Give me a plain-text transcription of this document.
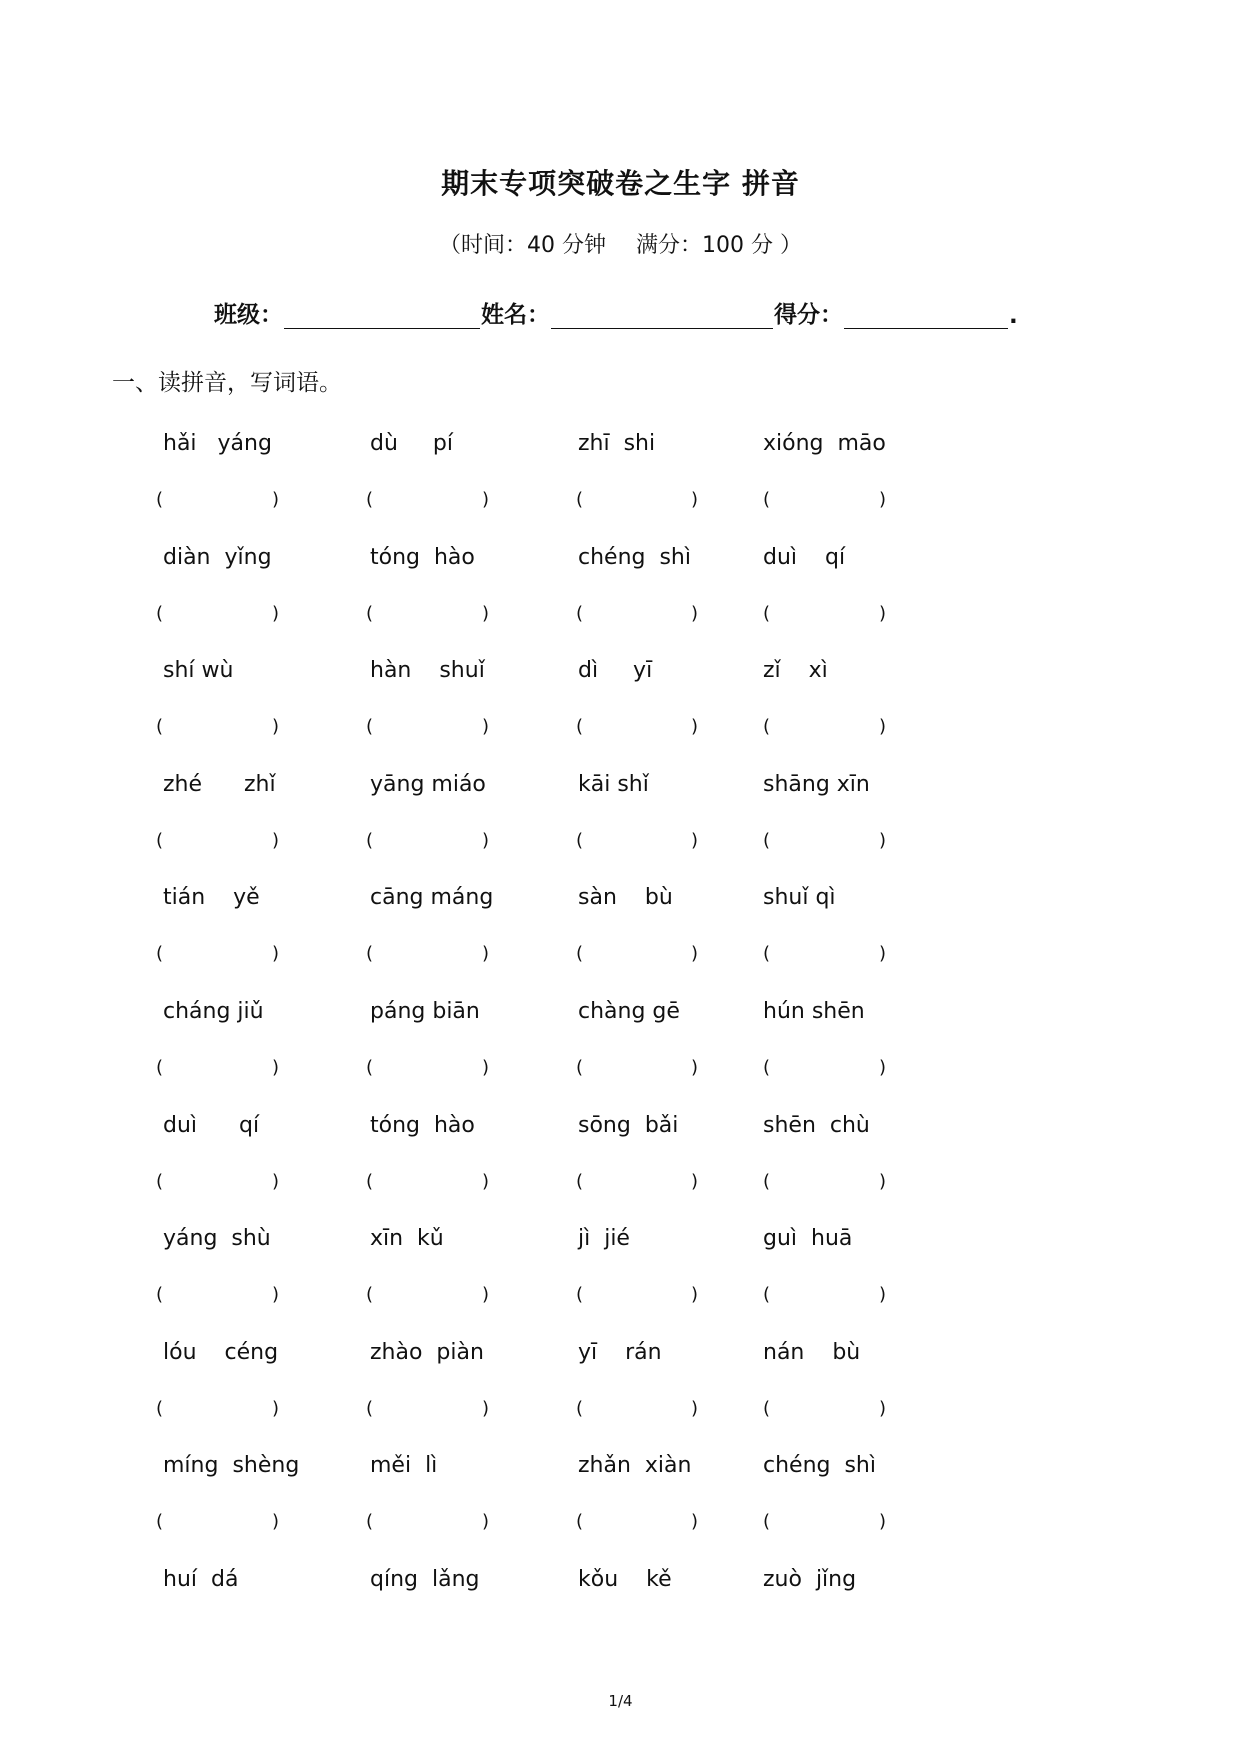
期末专项突破卷之生字 拼音
（时间：40 分钟 满分：100 分 ）
班级：	姓名：	得分：	.
一、读拼音，写词语。
hǎi   yáng	dù     pí	zhī  shi	xióng  māo
(	)	(	)	(	)	(	)
diàn  yǐng	tóng  hào	chéng  shì	duì    qí
(	)	(	)	(	)	(	)
shí wù	hàn    shuǐ	dì     yī	zǐ    xì
(	)	(	)	(	)	(	)
zhé      zhǐ	yāng miáo	kāi shǐ	shāng xīn
(	)	(	)	(	)	(	)
tián    yě	cāng máng	sàn    bù	shuǐ qì
(	)	(	)	(	)	(	)
cháng jiǔ	páng biān	chàng gē	hún shēn
(	)	(	)	(	)	(	)
duì      qí	tóng  hào	sōng  bǎi	shēn  chù
(	)	(	)	(	)	(	)
yáng  shù	xīn  kǔ	jì  jié	guì  huā
(	)	(	)	(	)	(	)
lóu    céng	zhào  piàn	yī    rán	nán    bù
(	)	(	)	(	)	(	)
míng  shèng	měi  lì	zhǎn  xiàn	chéng  shì
(	)	(	)	(	)	(	)
huí  dá	qíng  lǎng	kǒu    kě	zuò  jǐng
1/4
